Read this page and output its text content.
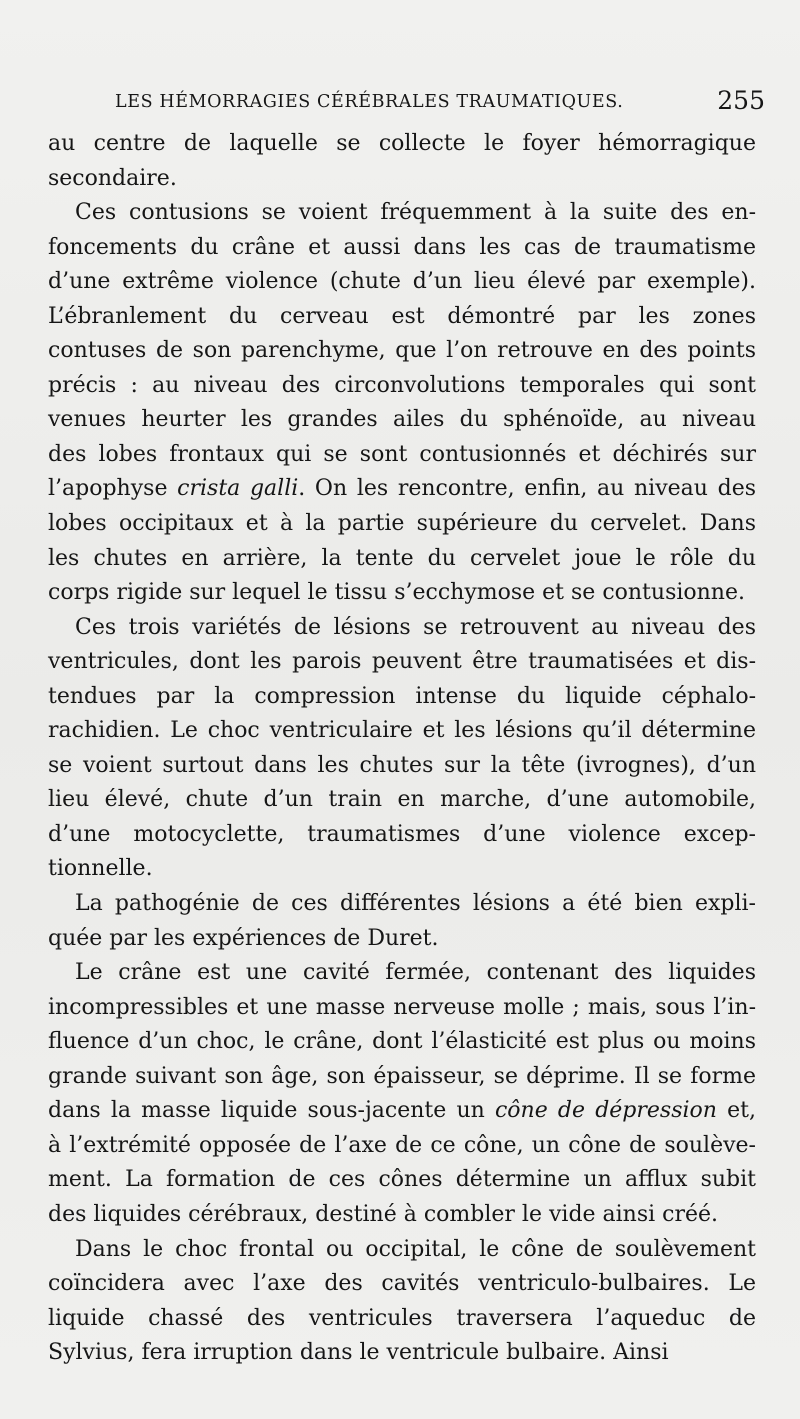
LES HÉMORRAGIES CÉRÉBRALES TRAUMATIQUES.	255
au centre de laquelle se collecte le foyer hémorragique
secondaire.
Ces contusions se voient fréquemment à la suite des en-
foncements du crâne et aussi dans les cas de traumatisme
d’une extrême violence (chute d’un lieu élevé par exemple).
L’ébranlement du cerveau est démontré par les zones
contuses de son parenchyme, que l’on retrouve en des points
précis : au niveau des circonvolutions temporales qui sont
venues heurter les grandes ailes du sphénoïde, au niveau
des lobes frontaux qui se sont contusionnés et déchirés sur
l’apophyse crista galli. On les rencontre, enfin, au niveau des
lobes occipitaux et à la partie supérieure du cervelet. Dans
les chutes en arrière, la tente du cervelet joue le rôle du
corps rigide sur lequel le tissu s’ecchymose et se contusionne.
Ces trois variétés de lésions se retrouvent au niveau des
ventricules, dont les parois peuvent être traumatisées et dis-
tendues par la compression intense du liquide céphalo-
rachidien. Le choc ventriculaire et les lésions qu’il détermine
se voient surtout dans les chutes sur la tête (ivrognes), d’un
lieu élevé, chute d’un train en marche, d’une automobile,
d’une motocyclette, traumatismes d’une violence excep-
tionnelle.
La pathogénie de ces différentes lésions a été bien expli-
quée par les expériences de Duret.
Le crâne est une cavité fermée, contenant des liquides
incompressibles et une masse nerveuse molle ; mais, sous l’in-
fluence d’un choc, le crâne, dont l’élasticité est plus ou moins
grande suivant son âge, son épaisseur, se déprime. Il se forme
dans la masse liquide sous-jacente un cône de dépression et,
à l’extrémité opposée de l’axe de ce cône, un cône de soulève-
ment. La formation de ces cônes détermine un afflux subit
des liquides cérébraux, destiné à combler le vide ainsi créé.
Dans le choc frontal ou occipital, le cône de soulèvement
coïncidera avec l’axe des cavités ventriculo-bulbaires. Le
liquide chassé des ventricules traversera l’aqueduc de
Sylvius, fera irruption dans le ventricule bulbaire. Ainsi
